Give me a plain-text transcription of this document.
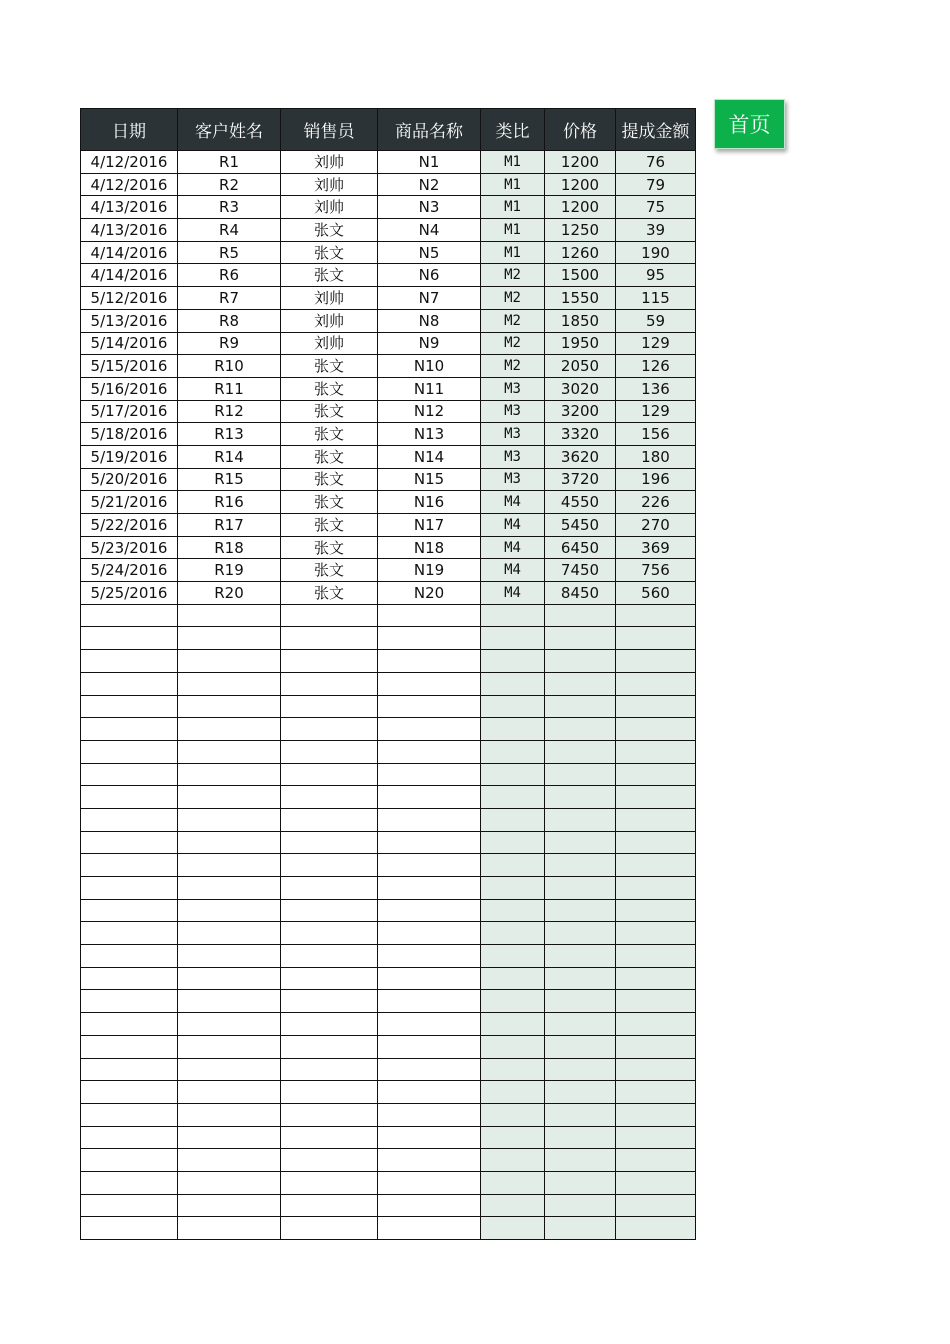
日期	客户姓名	销售员	商品名称	类比	价格	提成金额
4/12/2016	R1	刘帅	N1	M1	1200	76
4/12/2016	R2	刘帅	N2	M1	1200	79
4/13/2016	R3	刘帅	N3	M1	1200	75
4/13/2016	R4	张文	N4	M1	1250	39
4/14/2016	R5	张文	N5	M1	1260	190
4/14/2016	R6	张文	N6	M2	1500	95
5/12/2016	R7	刘帅	N7	M2	1550	115
5/13/2016	R8	刘帅	N8	M2	1850	59
5/14/2016	R9	刘帅	N9	M2	1950	129
5/15/2016	R10	张文	N10	M2	2050	126
5/16/2016	R11	张文	N11	M3	3020	136
5/17/2016	R12	张文	N12	M3	3200	129
5/18/2016	R13	张文	N13	M3	3320	156
5/19/2016	R14	张文	N14	M3	3620	180
5/20/2016	R15	张文	N15	M3	3720	196
5/21/2016	R16	张文	N16	M4	4550	226
5/22/2016	R17	张文	N17	M4	5450	270
5/23/2016	R18	张文	N18	M4	6450	369
5/24/2016	R19	张文	N19	M4	7450	756
5/25/2016	R20	张文	N20	M4	8450	560

首页
